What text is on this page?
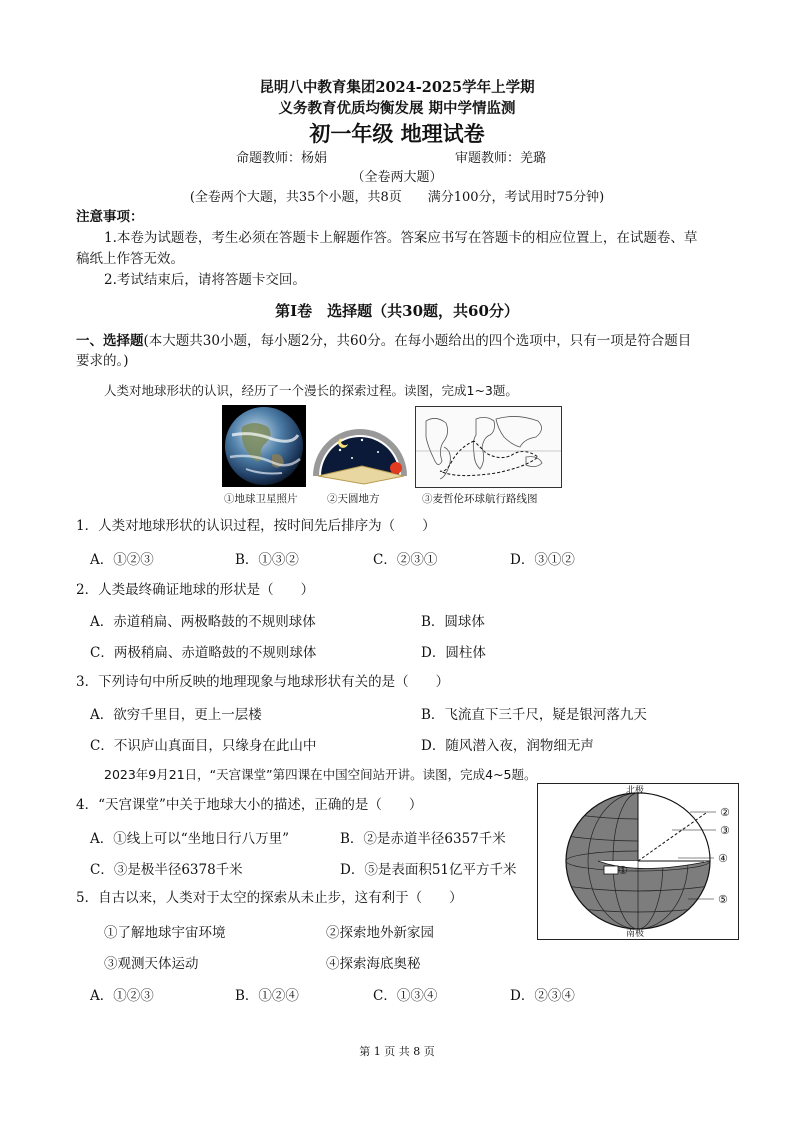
昆明八中教育集团2024-2025学年上学期
义务教育优质均衡发展 期中学情监测
初一年级 地理试卷
命题教师：杨娟	审题教师：羌璐
（全卷两大题）
(全卷两个大题，共35个小题，共8页　　满分100分，考试用时75分钟)
注意事项：
1.本卷为试题卷，考生必须在答题卡上解题作答。答案应书写在答题卡的相应位置上，在试题卷、草
稿纸上作答无效。
2.考试结束后，请将答题卡交回。
第Ⅰ卷　选择题（共30题，共60分）
一、选择题(本大题共30小题，每小题2分，共60分。在每小题给出的四个选项中，只有一项是符合题目
要求的。)
人类对地球形状的认识，经历了一个漫长的探索过程。读图，完成1~3题。
①地球卫星照片	②天圆地方	③麦哲伦环球航行路线图
1．人类对地球形状的认识过程，按时间先后排序为（　　）
A．①②③	B．①③②	C．②③①	D．③①②
2．人类最终确证地球的形状是（　　）
A．赤道稍扁、两极略鼓的不规则球体	B．圆球体
C．两极稍扁、赤道略鼓的不规则球体	D．圆柱体
3．下列诗句中所反映的地理现象与地球形状有关的是（　　）
A．欲穷千里目，更上一层楼	B．飞流直下三千尺，疑是银河落九天
C．不识庐山真面目，只缘身在此山中	D．随风潜入夜，润物细无声
2023年9月21日，“天宫课堂”第四课在中国空间站开讲。读图，完成4~5题。
4．“天宫课堂”中关于地球大小的描述，正确的是（　　）
A．①线上可以“坐地日行八万里”	B．②是赤道半径6357千米
C．③是极半径6378千米	D．⑤是表面积51亿平方千米
5．自古以来，人类对于太空的探索从未止步，这有利于（　　）
①了解地球宇宙环境	②探索地外新家园
③观测天体运动	④探索海底奥秘
A．①②③	B．①②④	C．①③④	D．②③④
北极
南极
①
②
③
④
⑤
第 1 页 共 8 页
